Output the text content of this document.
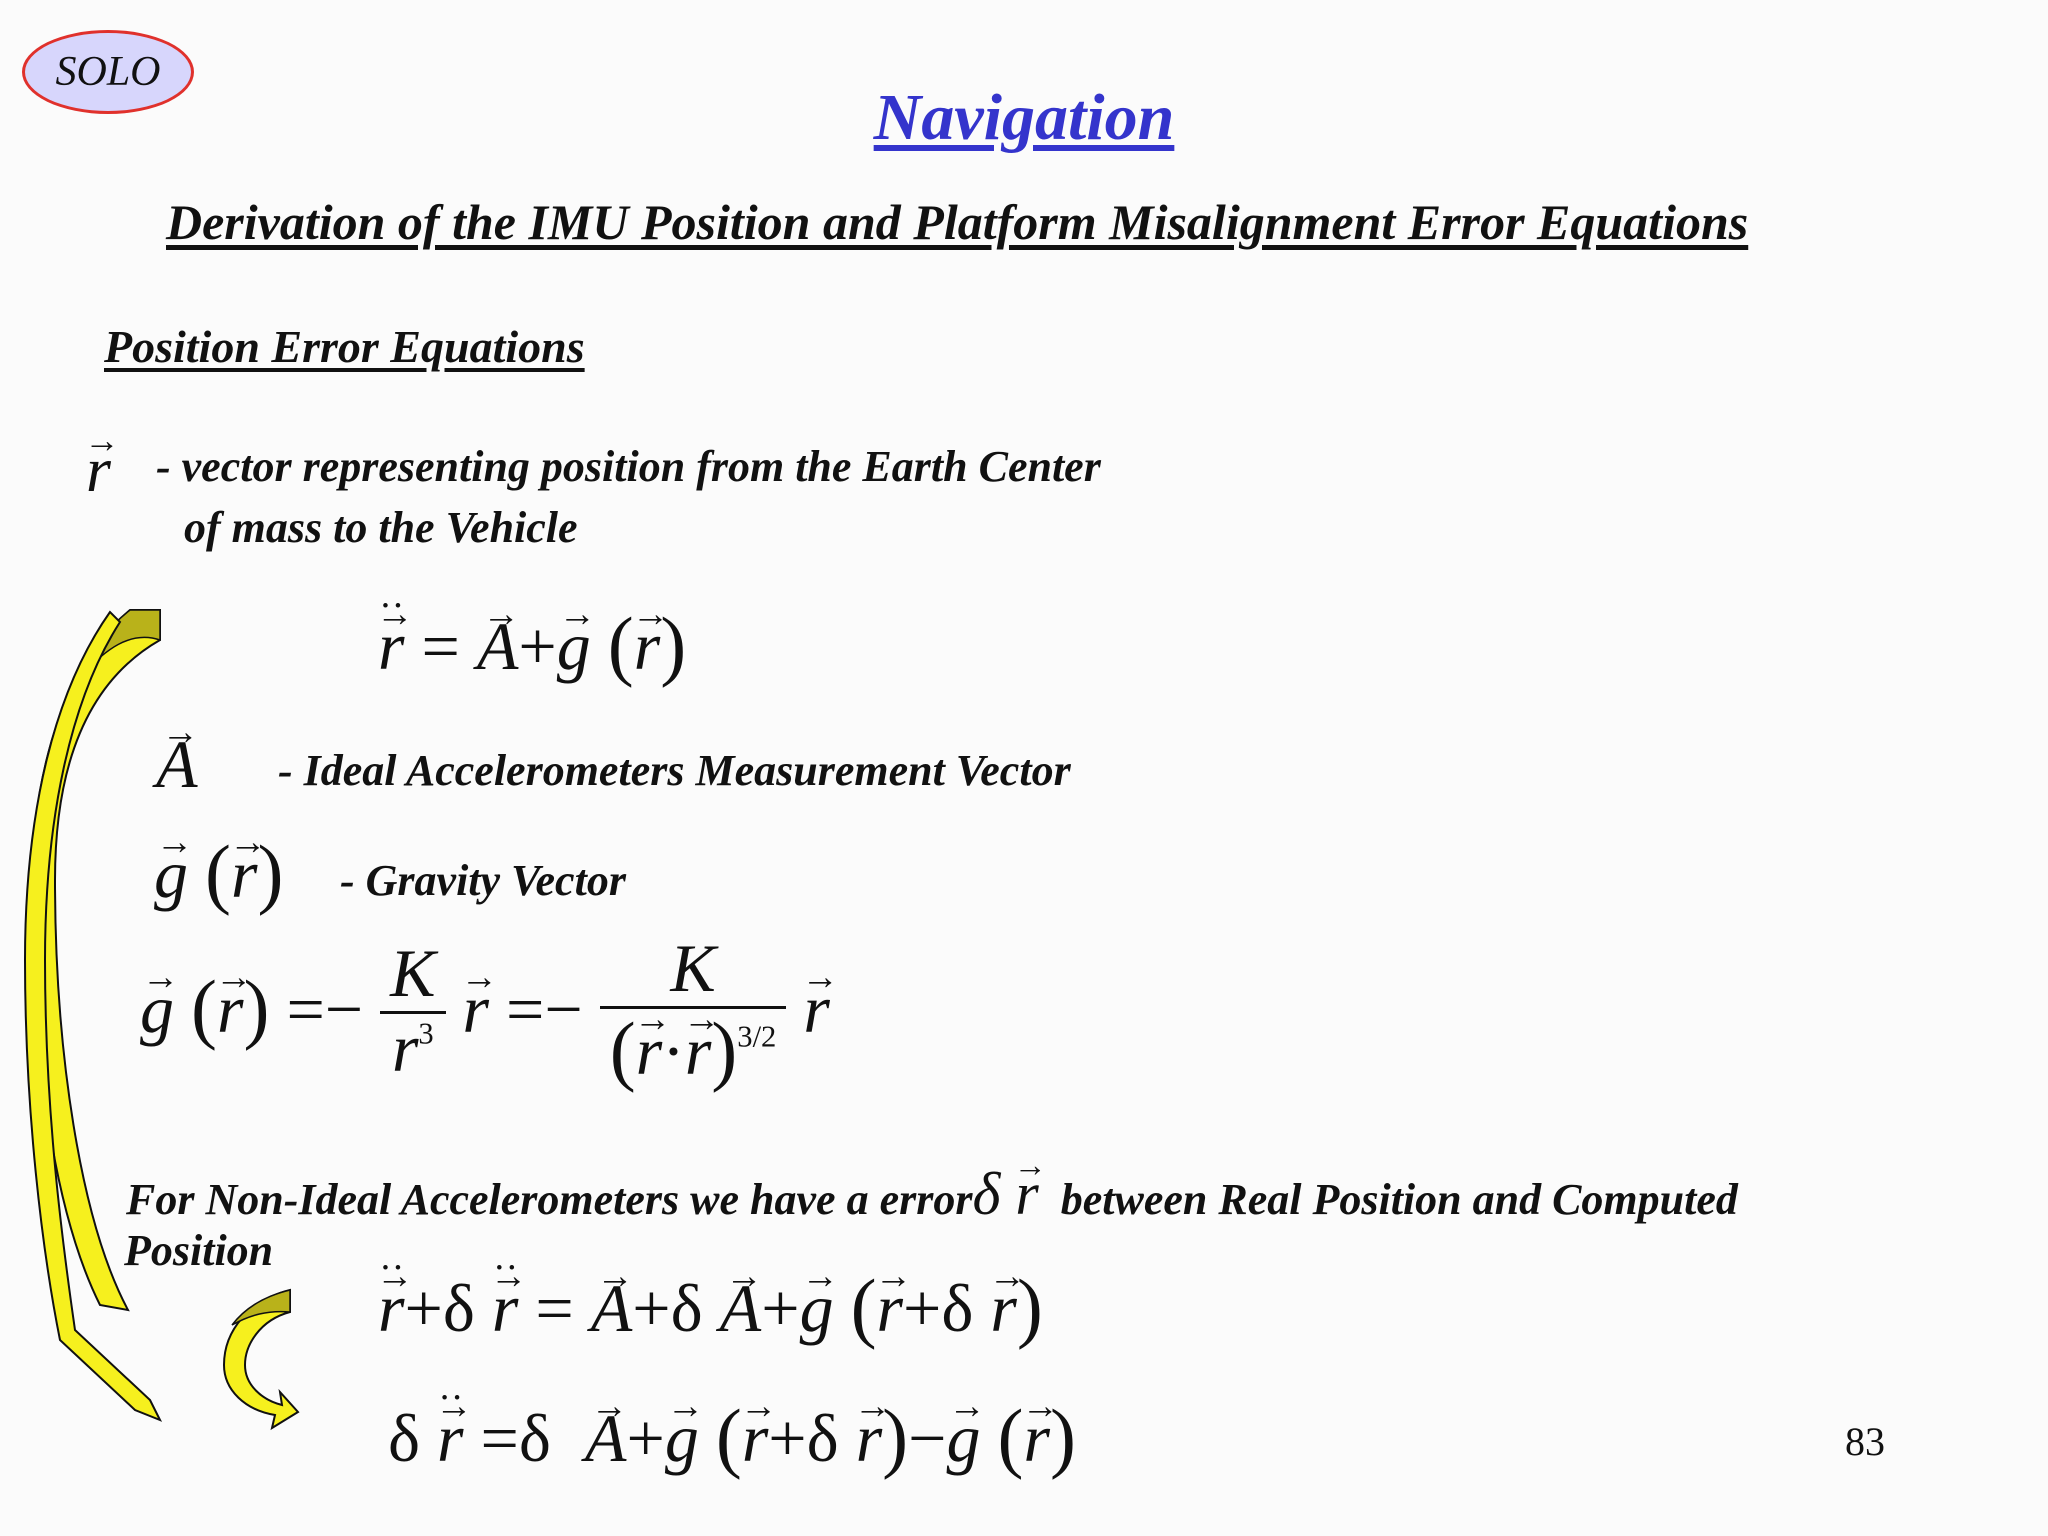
SOLO
Navigation
Derivation of the IMU Position and Platform Misalignment Error Equations
Position Error Equations
→ r - vector representing position from the Earth Center
of mass to the Vehicle
→ r • • = → A+→ g (→ r)
→ A - Ideal Accelerometers Measurement Vector
→ g (→ r) - Gravity Vector
→ g (→ $r) =- \frac{K}{r^3}$
→ $r =- \frac{K}{(\to r\cdot\to r)^{3/2}}$
→ r
For Non-Ideal Accelerometers we have a errorδ → r between Real Position and Computed
Position
→ r • •+δ → r • • = → A+δ → A+→ g (→ r+δ → r)
δ → r • • =δ  → A+→ g (→ r+δ → r)−→ g (→ r)	83
